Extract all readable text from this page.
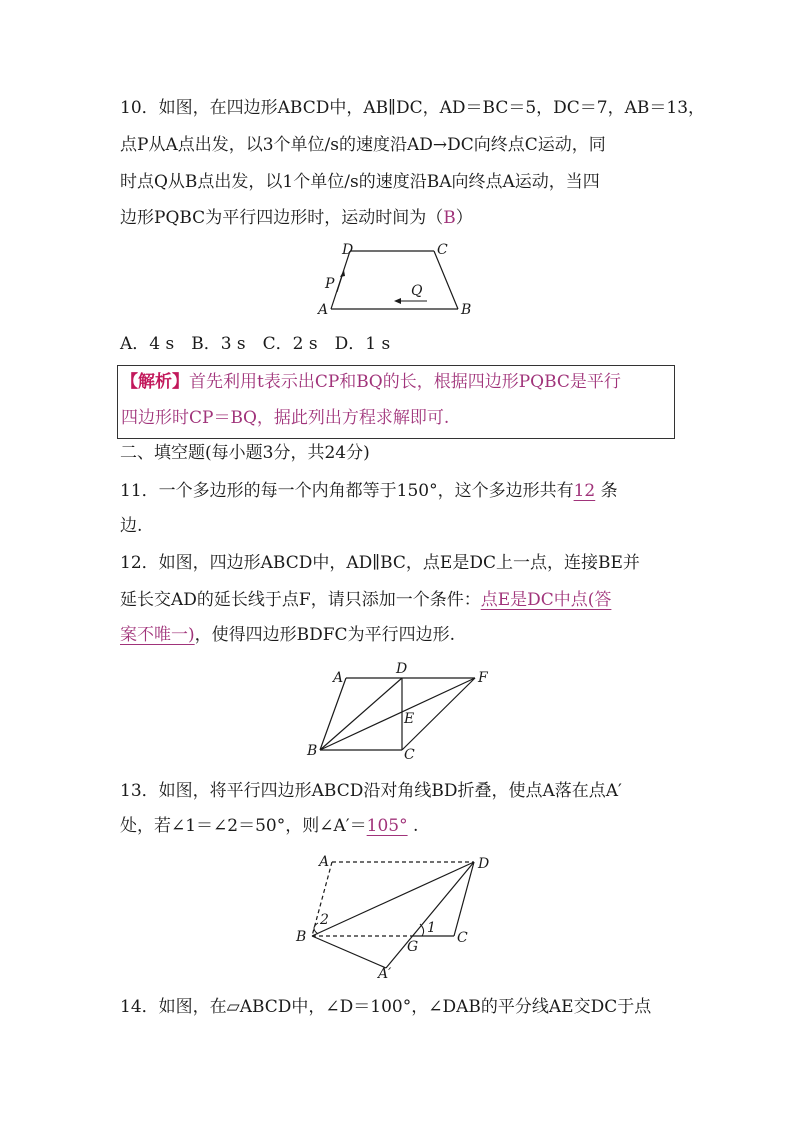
10．如图，在四边形ABCD中，AB∥DC，AD＝BC＝5，DC＝7，AB＝13，
点P从A点出发，以3个单位/s的速度沿AD→DC向终点C运动，同
时点Q从B点出发，以1个单位/s的速度沿BA向终点A运动，当四
边形PQBC为平行四边形时，运动时间为（B）
A	B
C
D
P	Q
A．4 s　B．3 s　C．2 s　D．1 s
【解析】首先利用t表示出CP和BQ的长，根据四边形PQBC是平行
四边形时CP＝BQ，据此列出方程求解即可.
二、填空题(每小题3分，共24分)
11．一个多边形的每一个内角都等于150°，这个多边形共有12 条
边.
12．如图，四边形ABCD中，AD∥BC，点E是DC上一点，连接BE并
延长交AD的延长线于点F，请只添加一个条件：点E是DC中点(答
案不唯一)，使得四边形BDFC为平行四边形.
A
D
F
E
B	C
13．如图，将平行四边形ABCD沿对角线BD折叠，使点A落在点A′
处，若∠1＝∠2＝50°，则∠A′＝105° .
A	D
B	C
G
A′
1
2
14．如图，在▱ABCD中，∠D＝100°，∠DAB的平分线AE交DC于点
